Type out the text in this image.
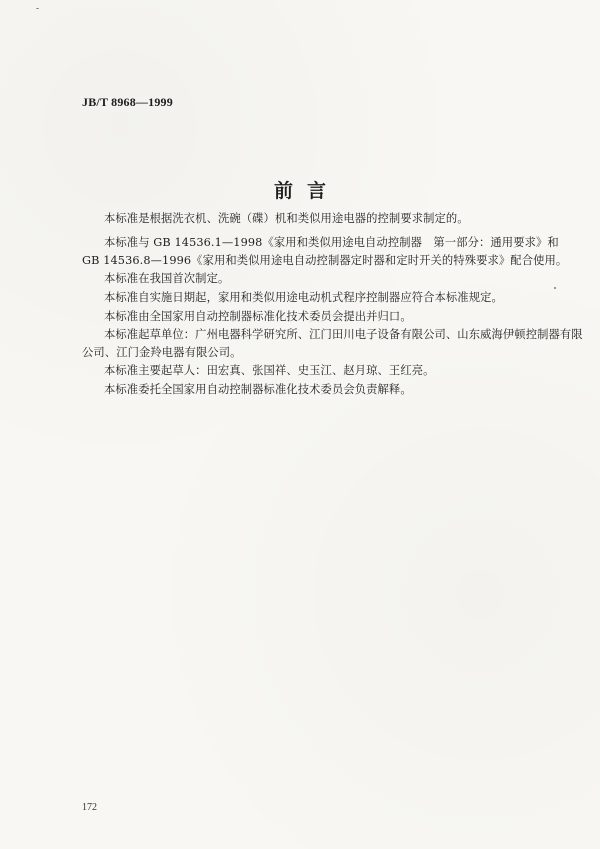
JB/T 8968—1999
前言
本标准是根据洗衣机、洗碗（碟）机和类似用途电器的控制要求制定的。
本标准与 GB 14536.1—1998《家用和类似用途电自动控制器　第一部分：通用要求》和
GB 14536.8—1996《家用和类似用途电自动控制器定时器和定时开关的特殊要求》配合使用。
本标准在我国首次制定。
本标准自实施日期起，家用和类似用途电动机式程序控制器应符合本标准规定。
本标准由全国家用自动控制器标准化技术委员会提出并归口。
本标准起草单位：广州电器科学研究所、江门田川电子设备有限公司、山东威海伊顿控制器有限
公司、江门金羚电器有限公司。
本标准主要起草人：田宏真、张国祥、史玉江、赵月琼、王红亮。
本标准委托全国家用自动控制器标准化技术委员会负责解释。
172
